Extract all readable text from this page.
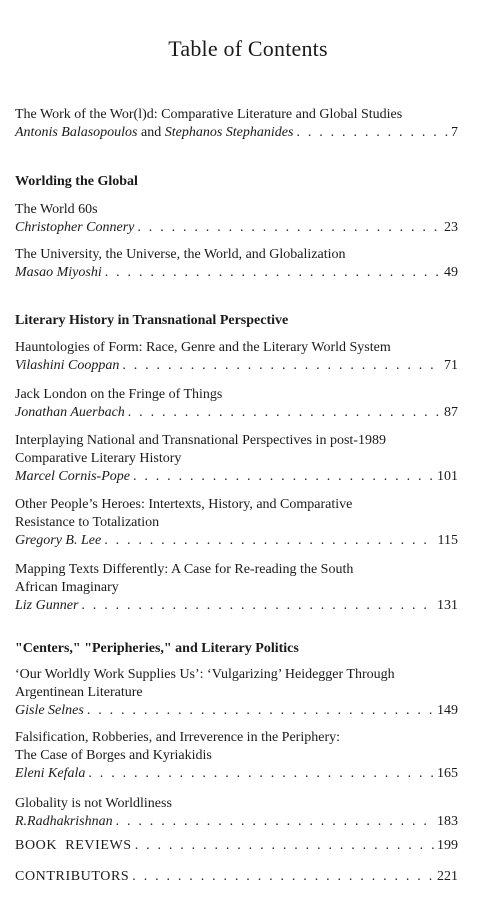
Table of Contents
The Work of the Wor(l)d: Comparative Literature and Global Studies
Antonis Balasopoulos and Stephanos Stephanides . . .	7
Worlding the Global
The World 60s
Christopher Connery . . .	23
The University, the Universe, the World, and Globalization
Masao Miyoshi . . .	49
Literary History in Transnational Perspective
Hauntologies of Form: Race, Genre and the Literary World System
Vilashini Cooppan . . .	71
Jack London on the Fringe of Things
Jonathan Auerbach . . .	87
Interplaying National and Transnational Perspectives in post-1989
Comparative Literary History
Marcel Cornis-Pope . . .	101
Other People’s Heroes: Intertexts, History, and Comparative
Resistance to Totalization
Gregory B. Lee . . .	115
Mapping Texts Differently: A Case for Re-reading the South
African Imaginary
Liz Gunner . . .	131
"Centers," "Peripheries," and Literary Politics
‘Our Worldly Work Supplies Us’: ‘Vulgarizing’ Heidegger Through
Argentinean Literature
Gisle Selnes . . .	149
Falsification, Robberies, and Irreverence in the Periphery:
The Case of Borges and Kyriakidis
Eleni Kefala . . .	165
Globality is not Worldliness
R.Radhakrishnan . . .	183
BOOK  REVIEWS . . .	199
CONTRIBUTORS . . .	221
